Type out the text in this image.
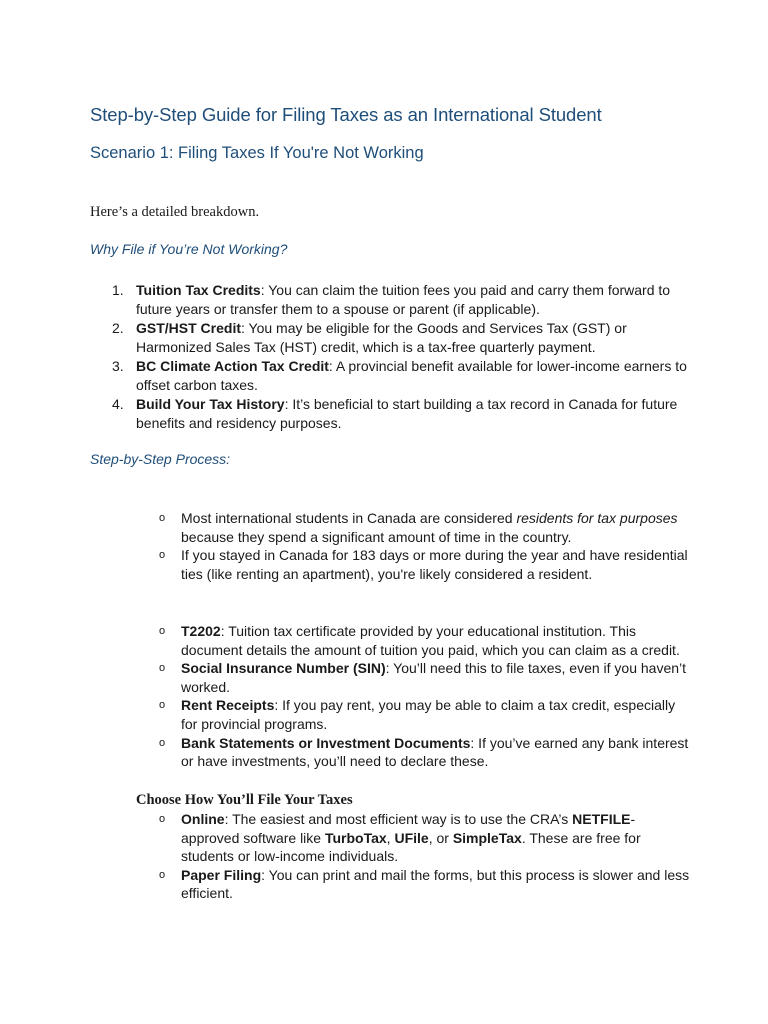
Step-by-Step Guide for Filing Taxes as an International Student
Scenario 1: Filing Taxes If You're Not Working
Here’s a detailed breakdown.
Why File if You’re Not Working?
1. Tuition Tax Credits: You can claim the tuition fees you paid and carry them forward to future years or transfer them to a spouse or parent (if applicable).
2. GST/HST Credit: You may be eligible for the Goods and Services Tax (GST) or Harmonized Sales Tax (HST) credit, which is a tax-free quarterly payment.
3. BC Climate Action Tax Credit: A provincial benefit available for lower-income earners to offset carbon taxes.
4. Build Your Tax History: It’s beneficial to start building a tax record in Canada for future benefits and residency purposes.
Step-by-Step Process:
o Most international students in Canada are considered residents for tax purposes because they spend a significant amount of time in the country.
o If you stayed in Canada for 183 days or more during the year and have residential ties (like renting an apartment), you're likely considered a resident.
o T2202: Tuition tax certificate provided by your educational institution. This document details the amount of tuition you paid, which you can claim as a credit.
o Social Insurance Number (SIN): You’ll need this to file taxes, even if you haven’t worked.
o Rent Receipts: If you pay rent, you may be able to claim a tax credit, especially for provincial programs.
o Bank Statements or Investment Documents: If you’ve earned any bank interest or have investments, you’ll need to declare these.
Choose How You’ll File Your Taxes
o Online: The easiest and most efficient way is to use the CRA’s NETFILE-approved software like TurboTax, UFile, or SimpleTax. These are free for students or low-income individuals.
o Paper Filing: You can print and mail the forms, but this process is slower and less efficient.
